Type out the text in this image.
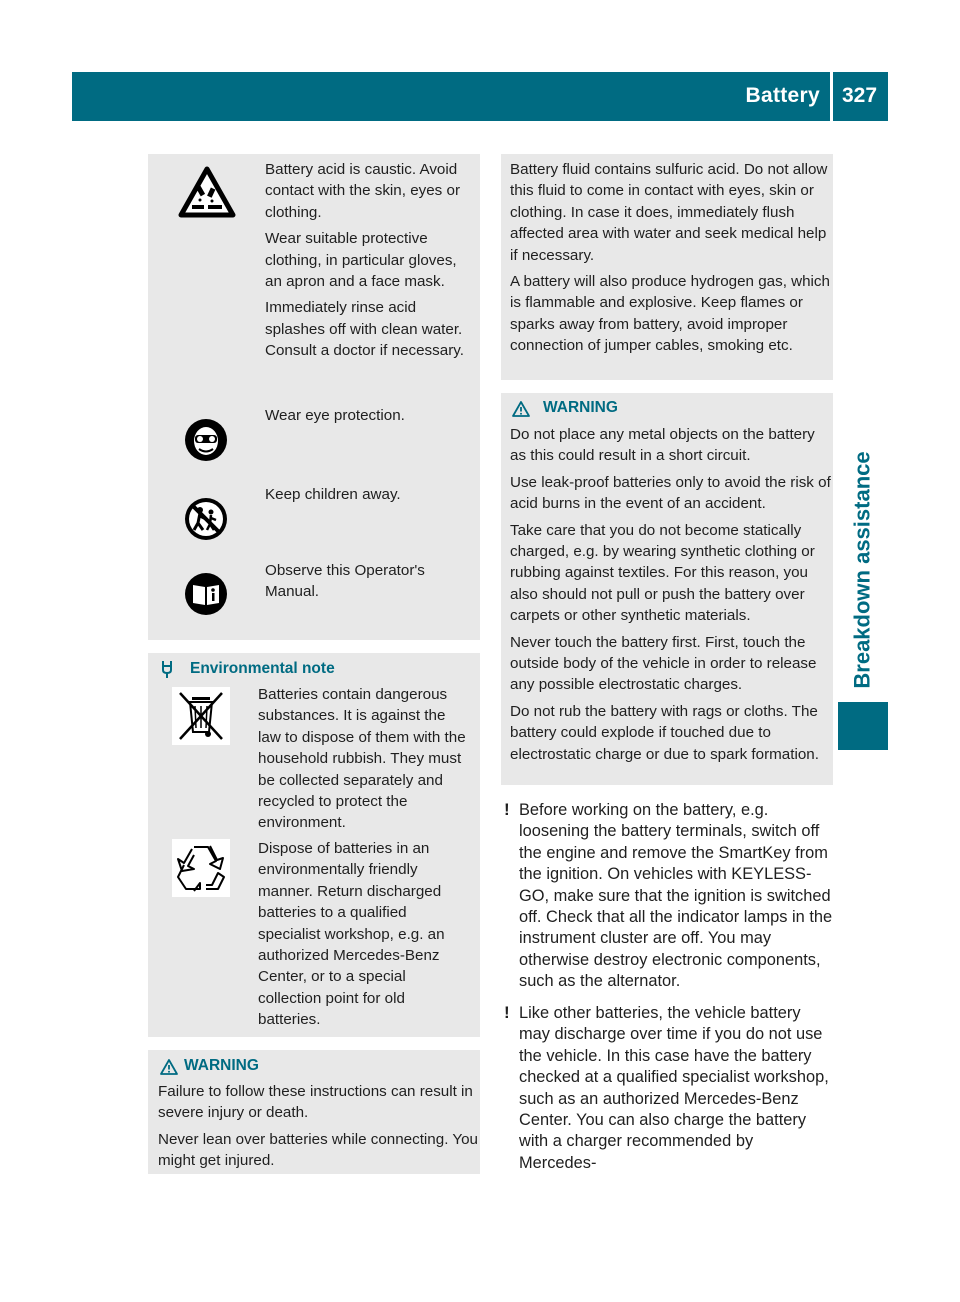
Battery 327
Breakdown assistance

Battery acid is caustic. Avoid contact with the skin, eyes or clothing.

Wear suitable protective clothing, in particular gloves, an apron and a face mask.

Immediately rinse acid splashes off with clean water. Consult a doctor if necessary.

Wear eye protection.

Keep children away.

Observe this Operator's Manual.

Environmental note

Batteries contain dangerous substances. It is against the law to dispose of them with the household rubbish. They must be collected separately and recycled to protect the environment.

Dispose of batteries in an environmentally friendly manner. Return discharged batteries to a qualified specialist workshop, e.g. an authorized Mercedes-Benz Center, or to a special collection point for old batteries.

WARNING

Failure to follow these instructions can result in severe injury or death.

Never lean over batteries while connecting. You might get injured.

Battery fluid contains sulfuric acid. Do not allow this fluid to come in contact with eyes, skin or clothing. In case it does, immediately flush affected area with water and seek medical help if necessary.

A battery will also produce hydrogen gas, which is flammable and explosive. Keep flames or sparks away from battery, avoid improper connection of jumper cables, smoking etc.

WARNING

Do not place any metal objects on the battery as this could result in a short circuit.

Use leak-proof batteries only to avoid the risk of acid burns in the event of an accident.

Take care that you do not become statically charged, e.g. by wearing synthetic clothing or rubbing against textiles. For this reason, you also should not pull or push the battery over carpets or other synthetic materials.

Never touch the battery first. First, touch the outside body of the vehicle in order to release any possible electrostatic charges.

Do not rub the battery with rags or cloths. The battery could explode if touched due to electrostatic charge or due to spark formation.

! Before working on the battery, e.g. loosening the battery terminals, switch off the engine and remove the SmartKey from the ignition. On vehicles with KEYLESS-GO, make sure that the ignition is switched off. Check that all the indicator lamps in the instrument cluster are off. You may otherwise destroy electronic components, such as the alternator.
! Like other batteries, the vehicle battery may discharge over time if you do not use the vehicle. In this case have the battery checked at a qualified specialist workshop, such as an authorized Mercedes-Benz Center. You can also charge the battery with a charger recommended by Mercedes-
